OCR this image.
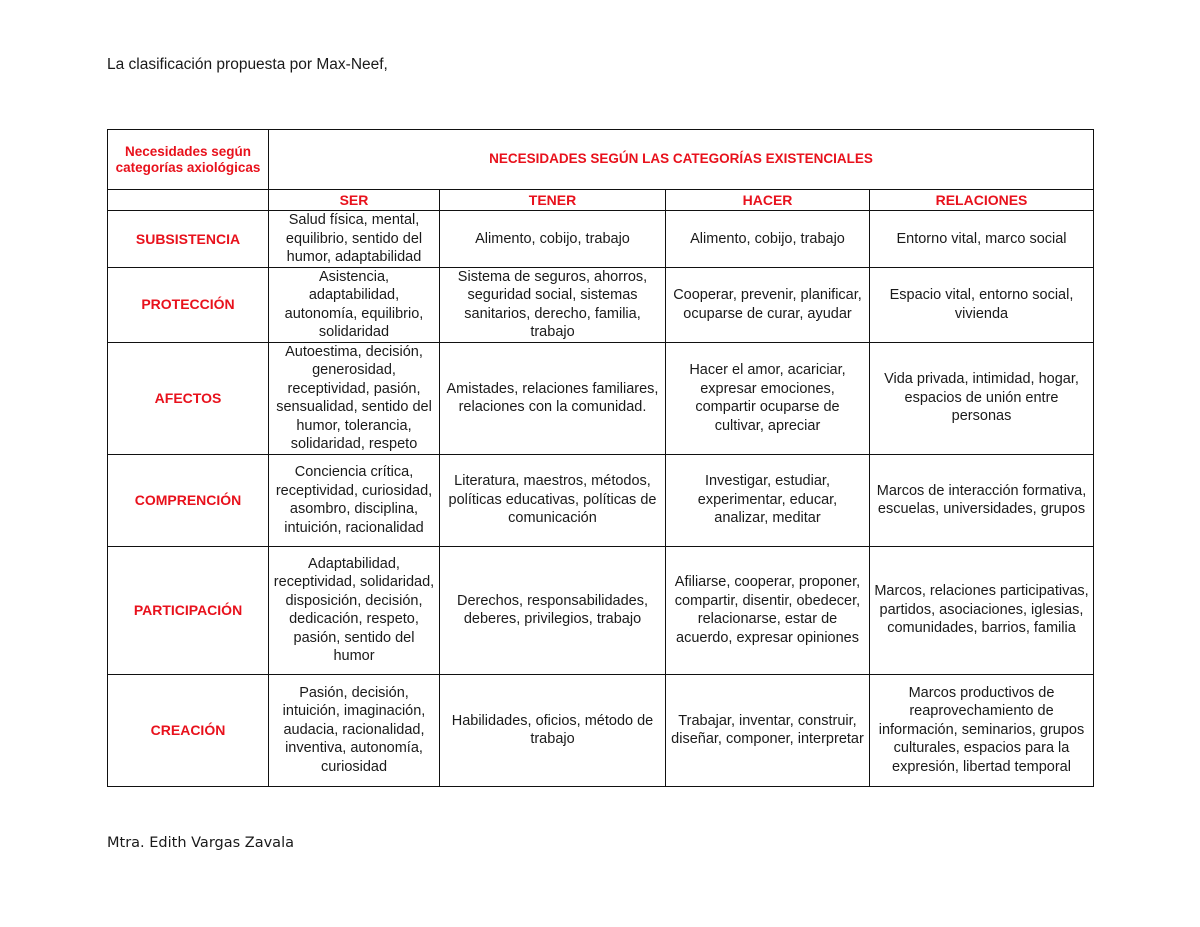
La clasificación propuesta por Max-Neef,
Necesidades según categorías axiológicas	NECESIDADES SEGÚN LAS CATEGORÍAS EXISTENCIALES			
	SER	TENER	HACER	RELACIONES
SUBSISTENCIA	Salud física, mental, equilibrio, sentido del humor, adaptabilidad	Alimento, cobijo, trabajo	Alimento, cobijo, trabajo	Entorno vital, marco social
PROTECCIÓN	Asistencia, adaptabilidad, autonomía, equilibrio, solidaridad	Sistema de seguros, ahorros, seguridad social, sistemas sanitarios, derecho, familia, trabajo	Cooperar, prevenir, planificar, ocuparse de curar, ayudar	Espacio vital, entorno social, vivienda
AFECTOS	Autoestima, decisión, generosidad, receptividad, pasión, sensualidad, sentido del humor, tolerancia, solidaridad, respeto	Amistades, relaciones familiares, relaciones con la comunidad.	Hacer el amor, acariciar, expresar emociones, compartir ocuparse de cultivar, apreciar	Vida privada, intimidad, hogar, espacios de unión entre personas
COMPRENCIÓN	Conciencia crítica, receptividad, curiosidad, asombro, disciplina, intuición, racionalidad	Literatura, maestros, métodos, políticas educativas, políticas de comunicación	Investigar, estudiar, experimentar, educar, analizar, meditar	Marcos de interacción formativa, escuelas, universidades, grupos
PARTICIPACIÓN	Adaptabilidad, receptividad, solidaridad, disposición, decisión, dedicación, respeto, pasión, sentido del humor	Derechos, responsabilidades, deberes, privilegios, trabajo	Afiliarse, cooperar, proponer, compartir, disentir, obedecer, relacionarse, estar de acuerdo, expresar opiniones	Marcos, relaciones participativas, partidos, asociaciones, iglesias, comunidades, barrios, familia
CREACIÓN	Pasión, decisión, intuición, imaginación, audacia, racionalidad, inventiva, autonomía, curiosidad	Habilidades, oficios, método de trabajo	Trabajar, inventar, construir, diseñar, componer, interpretar	Marcos productivos de reaprovechamiento de información, seminarios, grupos culturales, espacios para la expresión, libertad temporal
Mtra. Edith Vargas Zavala
